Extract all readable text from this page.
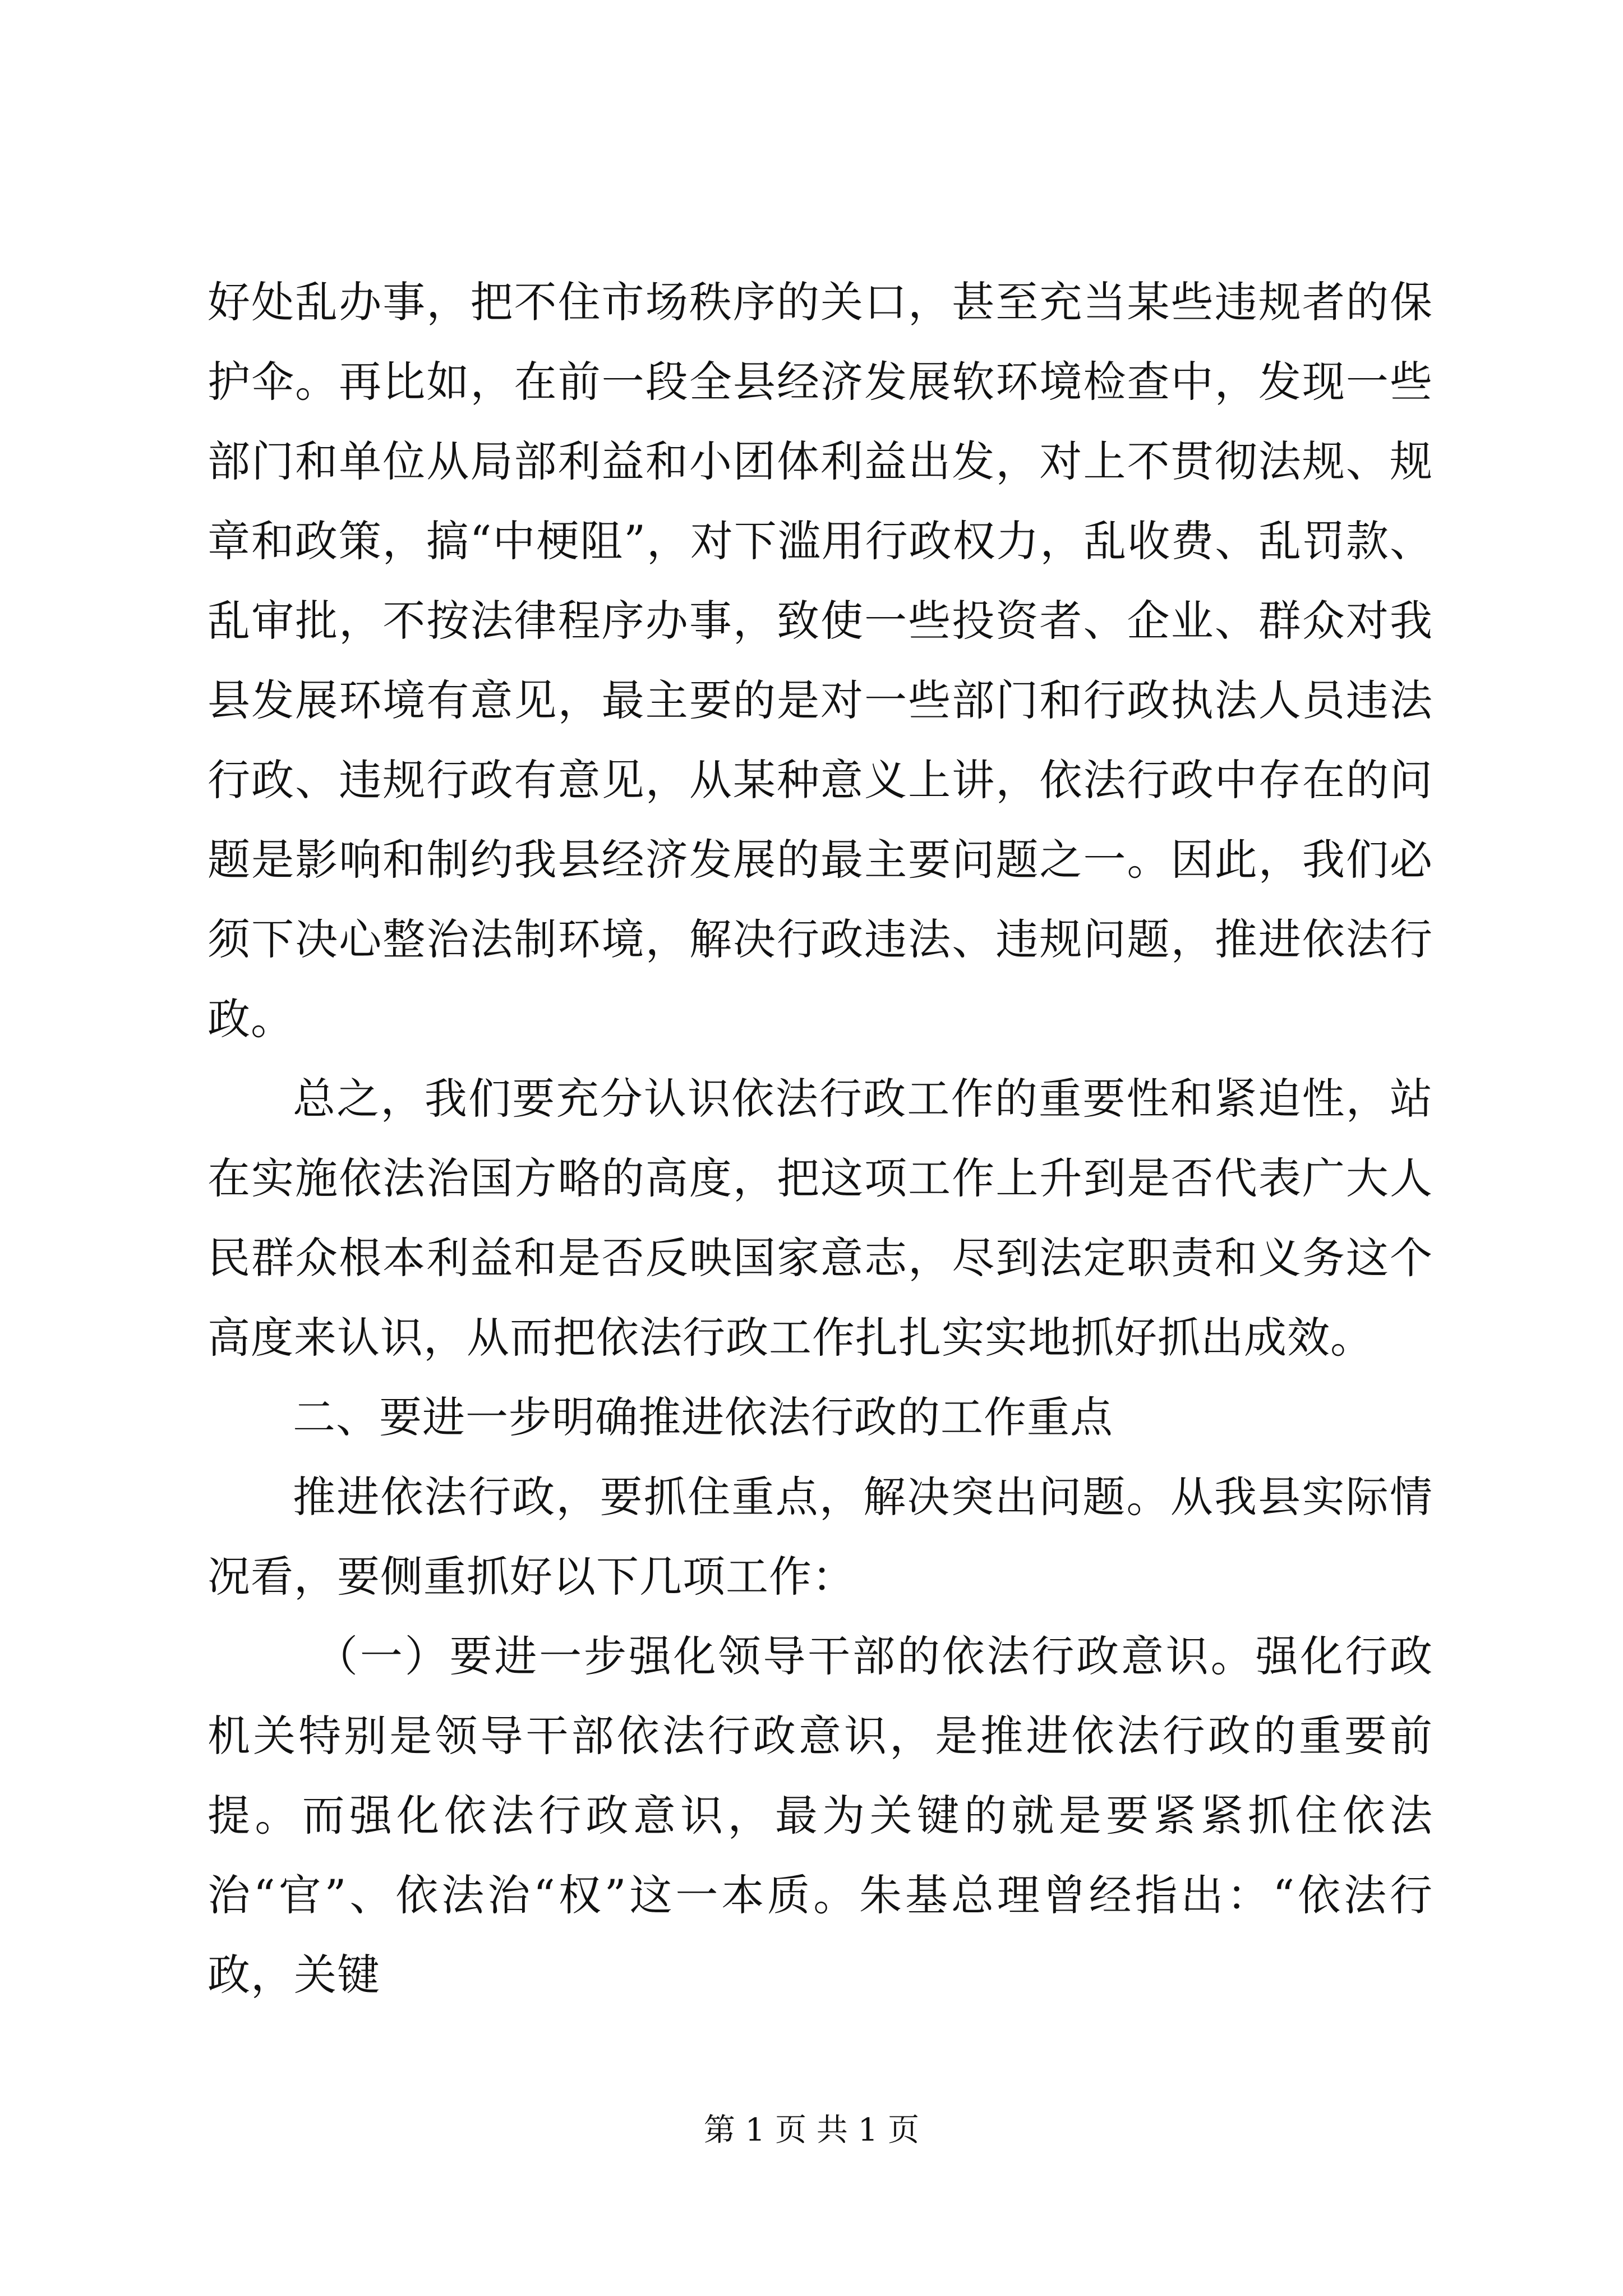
好处乱办事，把不住市场秩序的关口，甚至充当某些违规者的保护伞。再比如，在前一段全县经济发展软环境检查中，发现一些部门和单位从局部利益和小团体利益出发，对上不贯彻法规、规章和政策，搞“中梗阻”，对下滥用行政权力，乱收费、乱罚款、乱审批，不按法律程序办事，致使一些投资者、企业、群众对我县发展环境有意见，最主要的是对一些部门和行政执法人员违法行政、违规行政有意见，从某种意义上讲，依法行政中存在的问题是影响和制约我县经济发展的最主要问题之一。因此，我们必须下决心整治法制环境，解决行政违法、违规问题，推进依法行政。

总之，我们要充分认识依法行政工作的重要性和紧迫性，站在实施依法治国方略的高度，把这项工作上升到是否代表广大人民群众根本利益和是否反映国家意志，尽到法定职责和义务这个高度来认识，从而把依法行政工作扎扎实实地抓好抓出成效。

二、要进一步明确推进依法行政的工作重点

推进依法行政，要抓住重点，解决突出问题。从我县实际情况看，要侧重抓好以下几项工作：

（一）要进一步强化领导干部的依法行政意识。强化行政机关特别是领导干部依法行政意识，是推进依法行政的重要前提。而强化依法行政意识，最为关键的就是要紧紧抓住依法治“官”、依法治“权”这一本质。朱基总理曾经指出：“依法行政，关键

第 1 页 共 1 页
